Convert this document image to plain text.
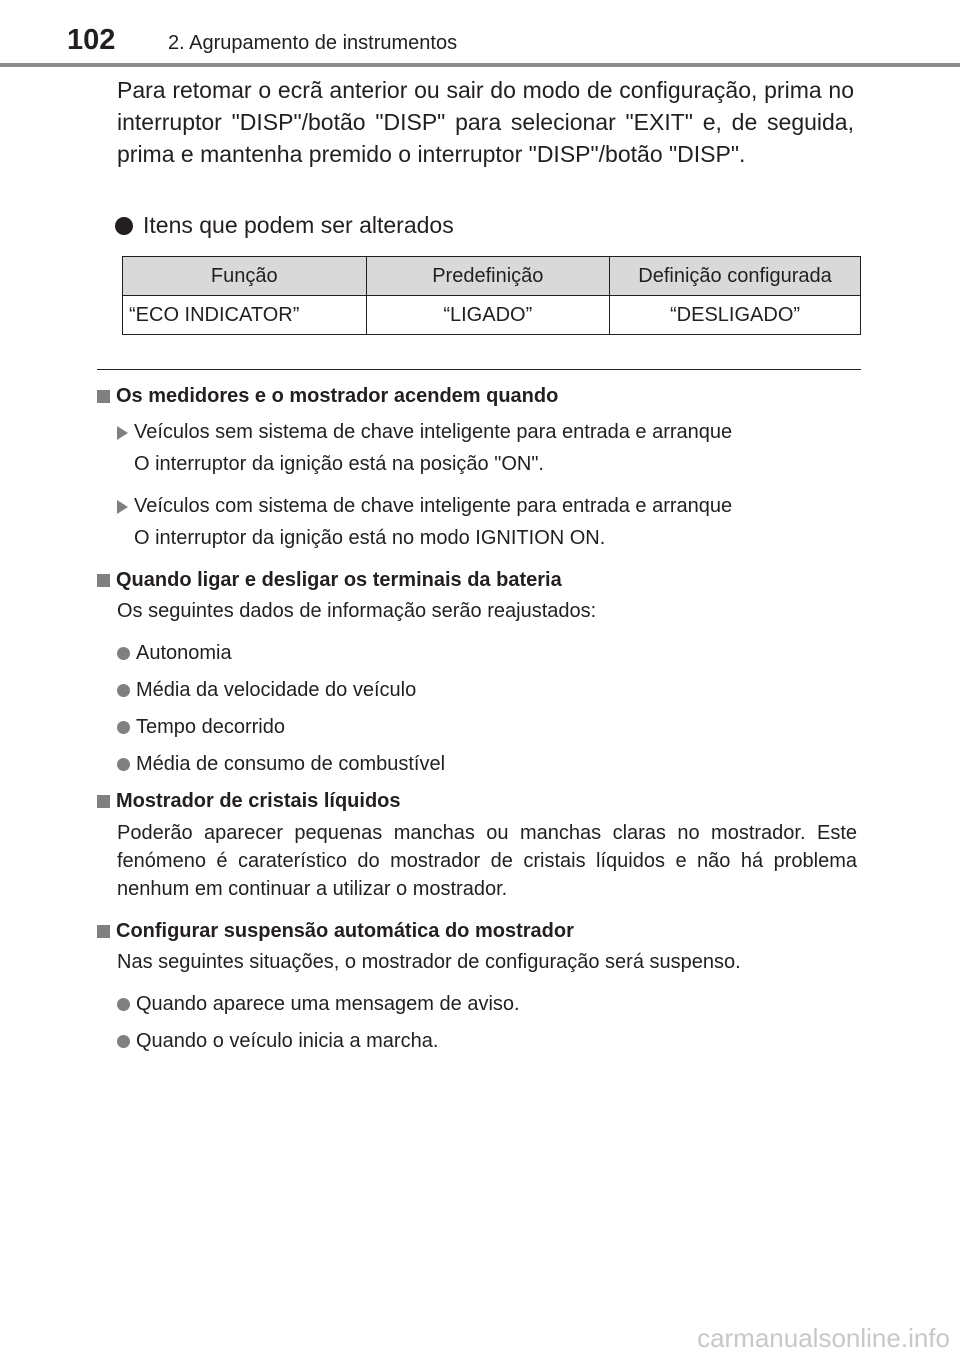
102	2. Agrupamento de instrumentos
Para retomar o ecrã anterior ou sair do modo de configuração, prima no interruptor "DISP"/botão "DISP" para selecionar "EXIT" e, de seguida, prima e mantenha premido o interruptor "DISP"/botão "DISP".
Itens que podem ser alterados
Função	Predefinição	Definição configurada
“ECO INDICATOR”	“LIGADO”	“DESLIGADO”
Os medidores e o mostrador acendem quando
Veículos sem sistema de chave inteligente para entrada e arranque
O interruptor da ignição está na posição "ON".
Veículos com sistema de chave inteligente para entrada e arranque
O interruptor da ignição está no modo IGNITION ON.
Quando ligar e desligar os terminais da bateria
Os seguintes dados de informação serão reajustados:
Autonomia
Média da velocidade do veículo
Tempo decorrido
Média de consumo de combustível
Mostrador de cristais líquidos
Poderão aparecer pequenas manchas ou manchas claras no mostrador. Este fenómeno é caraterístico do mostrador de cristais líquidos e não há problema nenhum em continuar a utilizar o mostrador.
Configurar suspensão automática do mostrador
Nas seguintes situações, o mostrador de configuração será suspenso.
Quando aparece uma mensagem de aviso.
Quando o veículo inicia a marcha.
carmanualsonline.info
